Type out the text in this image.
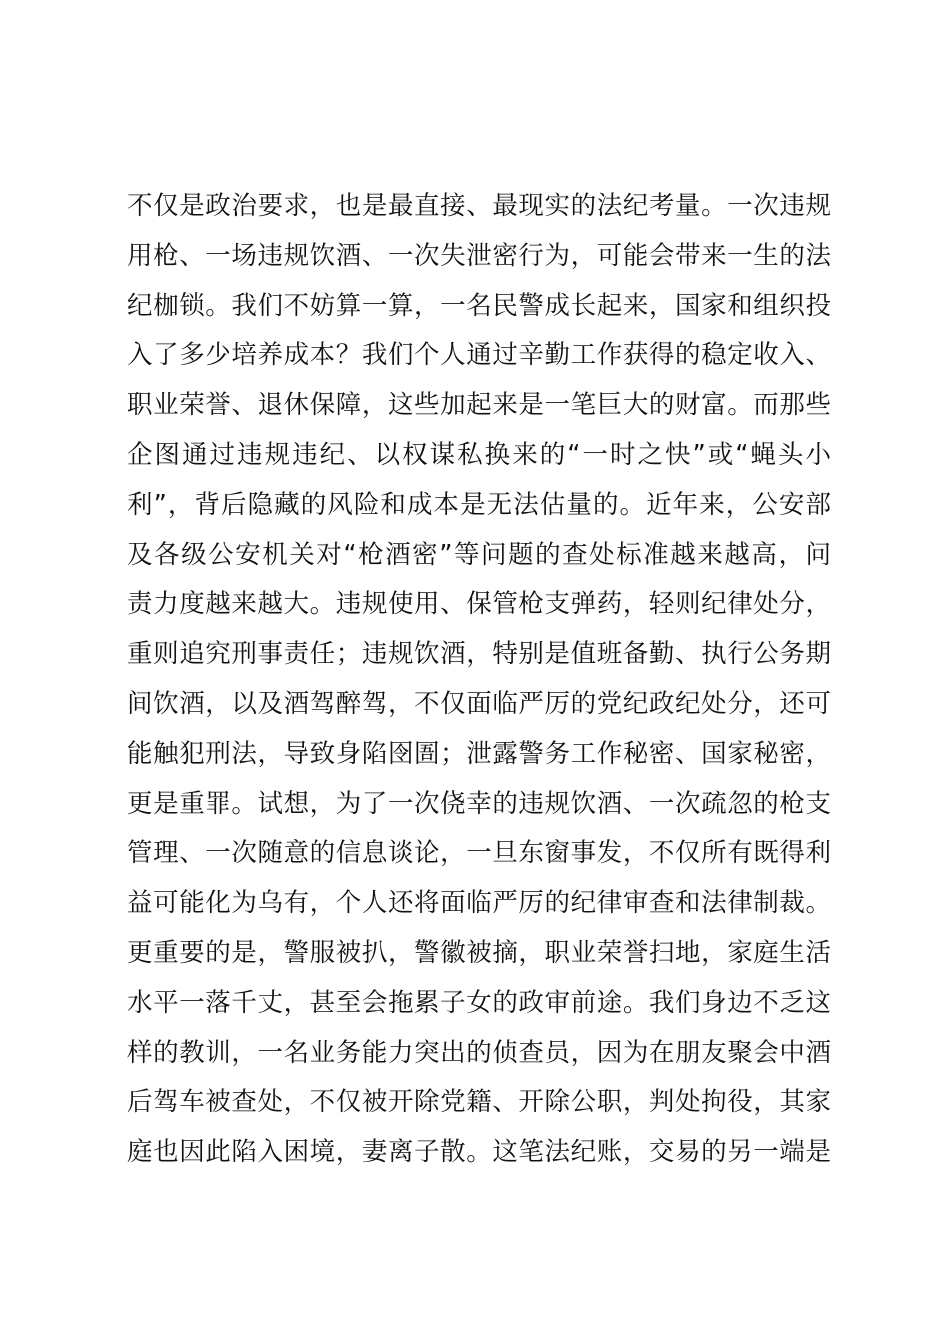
不仅是政治要求，也是最直接、最现实的法纪考量。一次违规
用枪、一场违规饮酒、一次失泄密行为，可能会带来一生的法
纪枷锁。我们不妨算一算，一名民警成长起来，国家和组织投
入了多少培养成本？我们个人通过辛勤工作获得的稳定收入、
职业荣誉、退休保障，这些加起来是一笔巨大的财富。而那些
企图通过违规违纪、以权谋私换来的“一时之快”或“蝇头小
利”，背后隐藏的风险和成本是无法估量的。近年来，公安部
及各级公安机关对“枪酒密”等问题的查处标准越来越高，问
责力度越来越大。违规使用、保管枪支弹药，轻则纪律处分，
重则追究刑事责任；违规饮酒，特别是值班备勤、执行公务期
间饮酒，以及酒驾醉驾，不仅面临严厉的党纪政纪处分，还可
能触犯刑法，导致身陷囹圄；泄露警务工作秘密、国家秘密，
更是重罪。试想，为了一次侥幸的违规饮酒、一次疏忽的枪支
管理、一次随意的信息谈论，一旦东窗事发，不仅所有既得利
益可能化为乌有，个人还将面临严厉的纪律审查和法律制裁。
更重要的是，警服被扒，警徽被摘，职业荣誉扫地，家庭生活
水平一落千丈，甚至会拖累子女的政审前途。我们身边不乏这
样的教训，一名业务能力突出的侦查员，因为在朋友聚会中酒
后驾车被查处，不仅被开除党籍、开除公职，判处拘役，其家
庭也因此陷入困境，妻离子散。这笔法纪账，交易的另一端是
